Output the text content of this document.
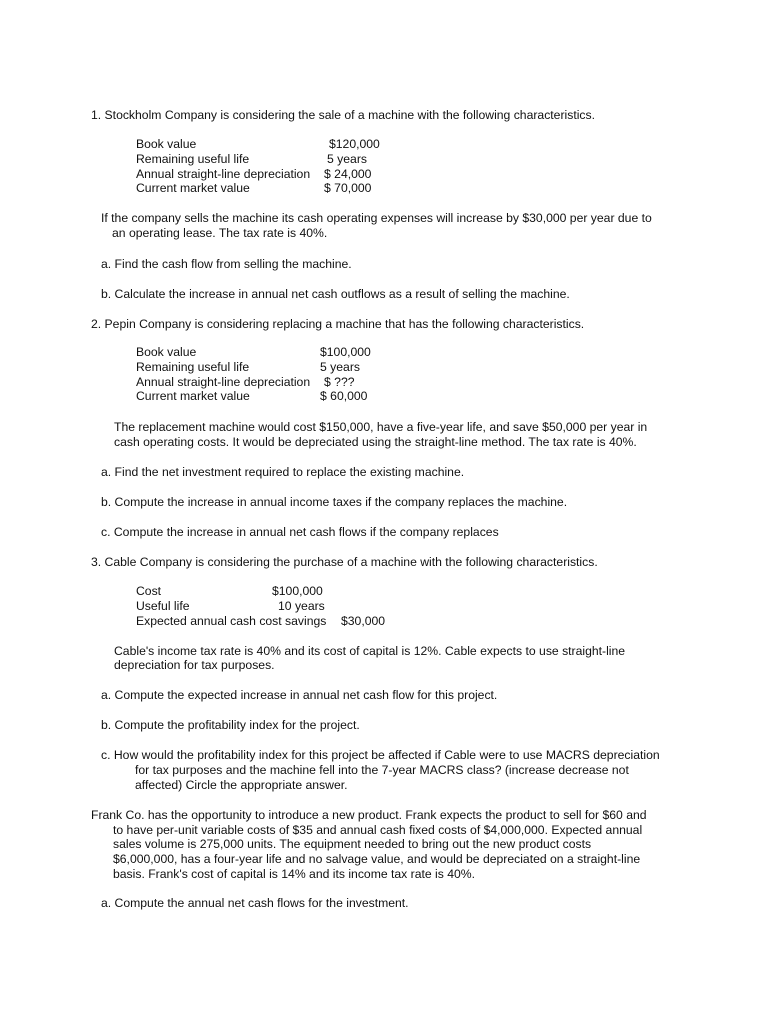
1. Stockholm Company is considering the sale of a machine with the following characteristics.
Book value	$120,000
Remaining useful life	5 years
Annual straight-line depreciation $ 24,000
Current market value	$ 70,000
If the company sells the machine its cash operating expenses will increase by $30,000 per year due to
an operating lease. The tax rate is 40%.
a. Find the cash flow from selling the machine.
b. Calculate the increase in annual net cash outflows as a result of selling the machine.
2. Pepin Company is considering replacing a machine that has the following characteristics.
Book value	$100,000
Remaining useful life	5 years
Annual straight-line depreciation $ ???
Current market value	$ 60,000
The replacement machine would cost $150,000, have a five-year life, and save $50,000 per year in
cash operating costs. It would be depreciated using the straight-line method. The tax rate is 40%.
a. Find the net investment required to replace the existing machine.
b. Compute the increase in annual income taxes if the company replaces the machine.
c. Compute the increase in annual net cash flows if the company replaces
3. Cable Company is considering the purchase of a machine with the following characteristics.
Cost	$100,000
Useful life	10 years
Expected annual cash cost savings $30,000
Cable's income tax rate is 40% and its cost of capital is 12%. Cable expects to use straight-line
depreciation for tax purposes.
a. Compute the expected increase in annual net cash flow for this project.
b. Compute the profitability index for the project.
c. How would the profitability index for this project be affected if Cable were to use MACRS depreciation
for tax purposes and the machine fell into the 7-year MACRS class? (increase decrease not
affected) Circle the appropriate answer.
Frank Co. has the opportunity to introduce a new product. Frank expects the product to sell for $60 and
to have per-unit variable costs of $35 and annual cash fixed costs of $4,000,000. Expected annual
sales volume is 275,000 units. The equipment needed to bring out the new product costs
$6,000,000, has a four-year life and no salvage value, and would be depreciated on a straight-line
basis. Frank's cost of capital is 14% and its income tax rate is 40%.
a. Compute the annual net cash flows for the investment.
